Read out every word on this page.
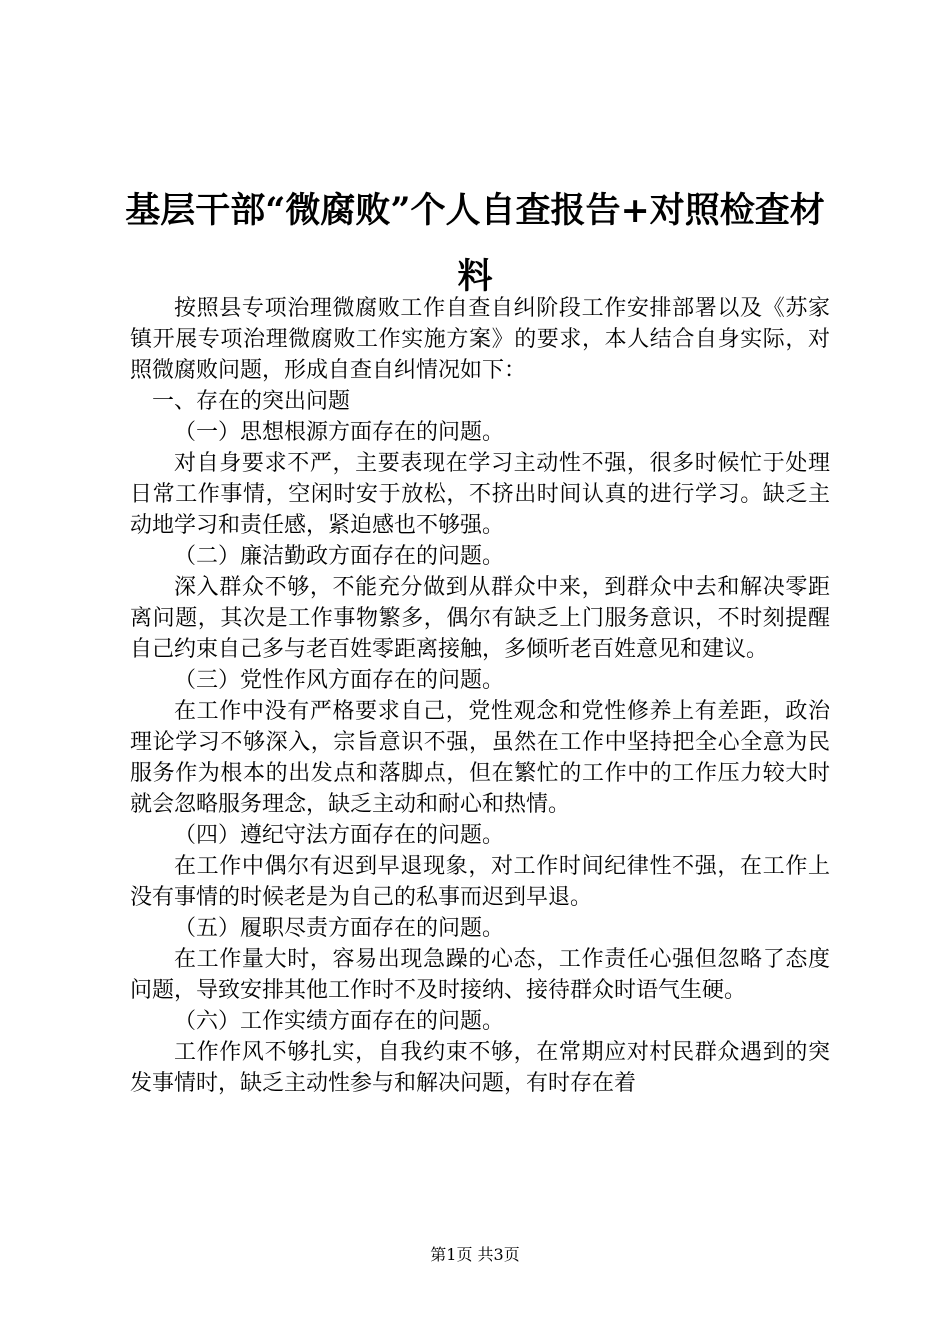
基层干部“微腐败”个人自查报告+对照检查材料

按照县专项治理微腐败工作自查自纠阶段工作安排部署以及《苏家镇开展专项治理微腐败工作实施方案》的要求，本人结合自身实际，对照微腐败问题，形成自查自纠情况如下：

一、存在的突出问题

（一）思想根源方面存在的问题。

对自身要求不严，主要表现在学习主动性不强，很多时候忙于处理日常工作事情，空闲时安于放松，不挤出时间认真的进行学习。缺乏主动地学习和责任感，紧迫感也不够强。

（二）廉洁勤政方面存在的问题。

深入群众不够，不能充分做到从群众中来，到群众中去和解决零距离问题，其次是工作事物繁多，偶尔有缺乏上门服务意识，不时刻提醒自己约束自己多与老百姓零距离接触，多倾听老百姓意见和建议。

（三）党性作风方面存在的问题。

在工作中没有严格要求自己，党性观念和党性修养上有差距，政治理论学习不够深入，宗旨意识不强，虽然在工作中坚持把全心全意为民服务作为根本的出发点和落脚点，但在繁忙的工作中的工作压力较大时就会忽略服务理念，缺乏主动和耐心和热情。

（四）遵纪守法方面存在的问题。

在工作中偶尔有迟到早退现象，对工作时间纪律性不强，在工作上没有事情的时候老是为自己的私事而迟到早退。

（五）履职尽责方面存在的问题。

在工作量大时，容易出现急躁的心态，工作责任心强但忽略了态度问题，导致安排其他工作时不及时接纳、接待群众时语气生硬。

（六）工作实绩方面存在的问题。

工作作风不够扎实，自我约束不够，在常期应对村民群众遇到的突发事情时，缺乏主动性参与和解决问题，有时存在着

第1页 共3页
